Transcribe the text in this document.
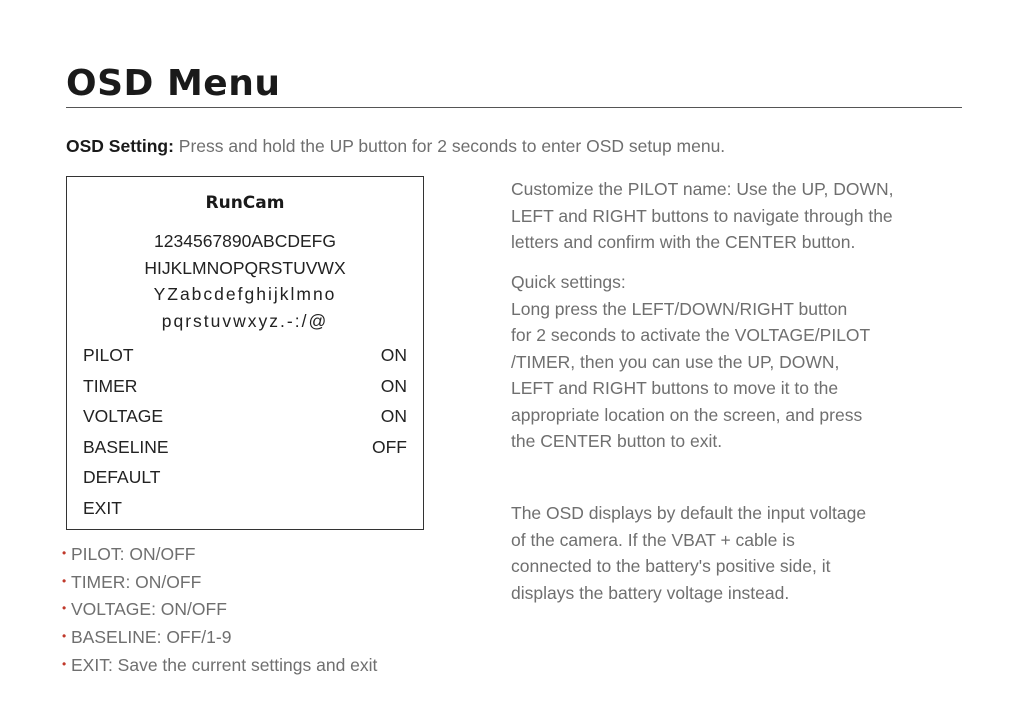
OSD Menu
OSD Setting: Press and hold the UP button for 2 seconds to enter OSD setup menu.
RunCam
1234567890ABCDEFG
HIJKLMNOPQRSTUVWX
YZabcdefghijklmno
pqrstuvwxyz.-:/@
PILOT	ON
TIMER	ON
VOLTAGE	ON
BASELINE	OFF
DEFAULT
EXIT
• PILOT: ON/OFF
• TIMER: ON/OFF
• VOLTAGE: ON/OFF
• BASELINE: OFF/1-9
• EXIT: Save the current settings and exit

Customize the PILOT name: Use the UP, DOWN,

LEFT and RIGHT buttons to navigate through the

letters and confirm with the CENTER button.

Quick settings:

Long press the LEFT/DOWN/RIGHT button

for 2 seconds to activate the VOLTAGE/PILOT

/TIMER, then you can use the UP, DOWN,

LEFT and RIGHT buttons to move it to the

appropriate location on the screen, and press

the CENTER button to exit.

The OSD displays by default the input voltage

of the camera. If the VBAT + cable is

connected to the battery's positive side, it

displays the battery voltage instead.
